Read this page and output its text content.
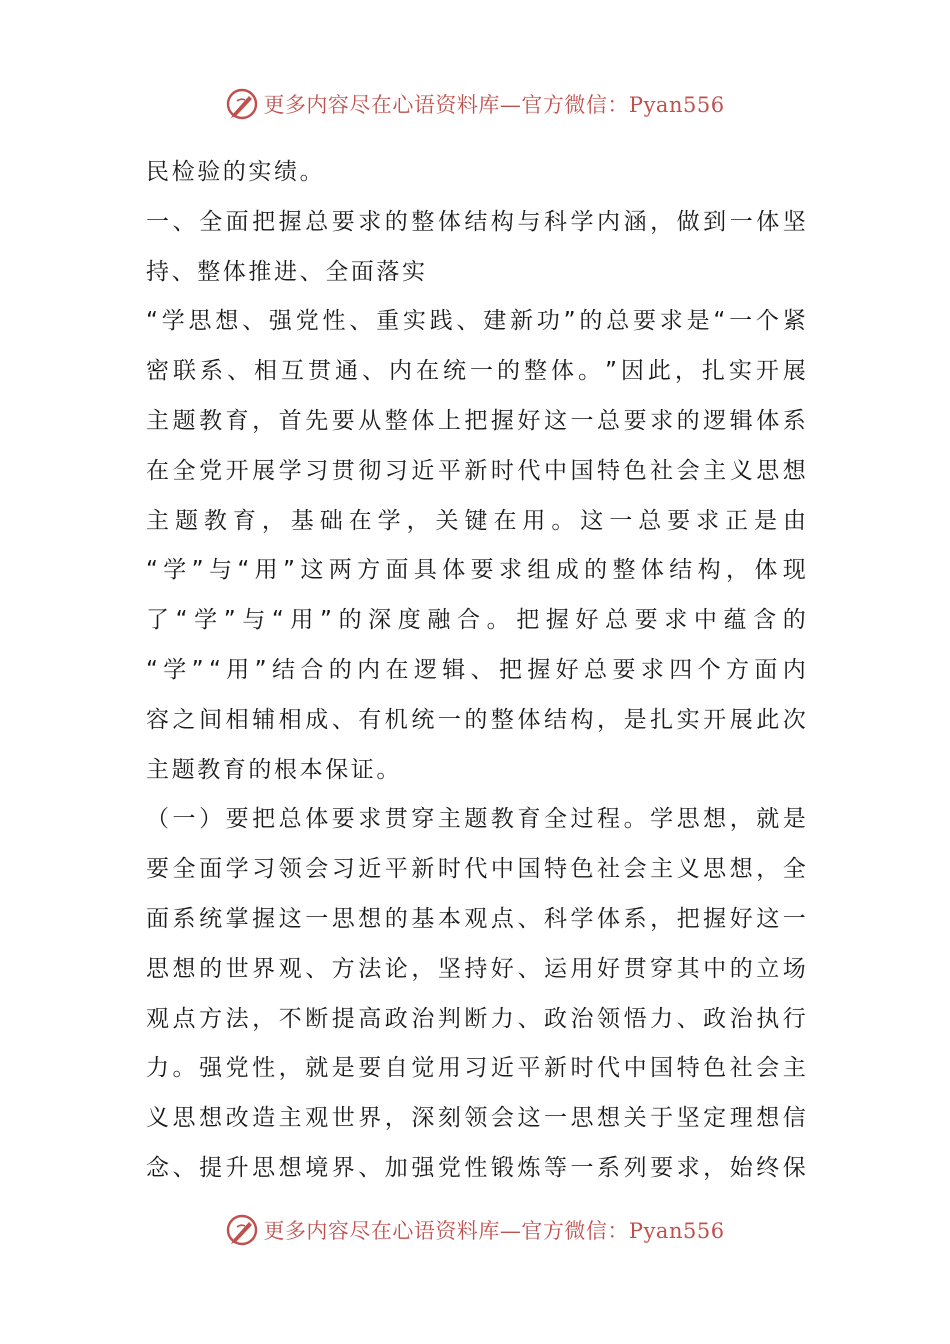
更多内容尽在心语资料库—官方微信：Pyan556
民检验的实绩。
一 、 全 面 把 握 总 要 求 的 整 体 结 构 与 科 学 内 涵 ， 做 到 一 体 坚
持、整体推进、全面落实
“ 学 思 想 、 强 党 性 、 重 实 践 、 建 新 功 ” 的 总 要 求 是 “ 一 个 紧
密 联 系 、 相 互 贯 通 、 内 在 统 一 的 整 体 。 ” 因 此 ， 扎 实 开 展
主 题 教 育 ， 首 先 要 从 整 体 上 把 握 好 这 一 总 要 求 的 逻 辑 体 系
在 全 党 开 展 学 习 贯 彻 习 近 平 新 时 代 中 国 特 色 社 会 主 义 思 想
主 题 教 育 ， 基 础 在 学 ， 关 键 在 用 。 这 一 总 要 求 正 是 由
“ 学 ” 与 “ 用 ” 这 两 方 面 具 体 要 求 组 成 的 整 体 结 构 ， 体 现
了 “ 学 ” 与 “ 用 ” 的 深 度 融 合 。 把 握 好 总 要 求 中 蕴 含 的
“ 学 ” “ 用 ” 结 合 的 内 在 逻 辑 、 把 握 好 总 要 求 四 个 方 面 内
容 之 间 相 辅 相 成 、 有 机 统 一 的 整 体 结 构 ， 是 扎 实 开 展 此 次
主题教育的根本保证。
（ 一 ） 要 把 总 体 要 求 贯 穿 主 题 教 育 全 过 程 。 学 思 想 ， 就 是
要 全 面 学 习 领 会 习 近 平 新 时 代 中 国 特 色 社 会 主 义 思 想 ， 全
面 系 统 掌 握 这 一 思 想 的 基 本 观 点 、 科 学 体 系 ， 把 握 好 这 一
思 想 的 世 界 观 、 方 法 论 ， 坚 持 好 、 运 用 好 贯 穿 其 中 的 立 场
观 点 方 法 ， 不 断 提 高 政 治 判 断 力 、 政 治 领 悟 力 、 政 治 执 行
力 。 强 党 性 ， 就 是 要 自 觉 用 习 近 平 新 时 代 中 国 特 色 社 会 主
义 思 想 改 造 主 观 世 界 ， 深 刻 领 会 这 一 思 想 关 于 坚 定 理 想 信
念 、 提 升 思 想 境 界 、 加 强 党 性 锻 炼 等 一 系 列 要 求 ， 始 终 保
更多内容尽在心语资料库—官方微信：Pyan556
